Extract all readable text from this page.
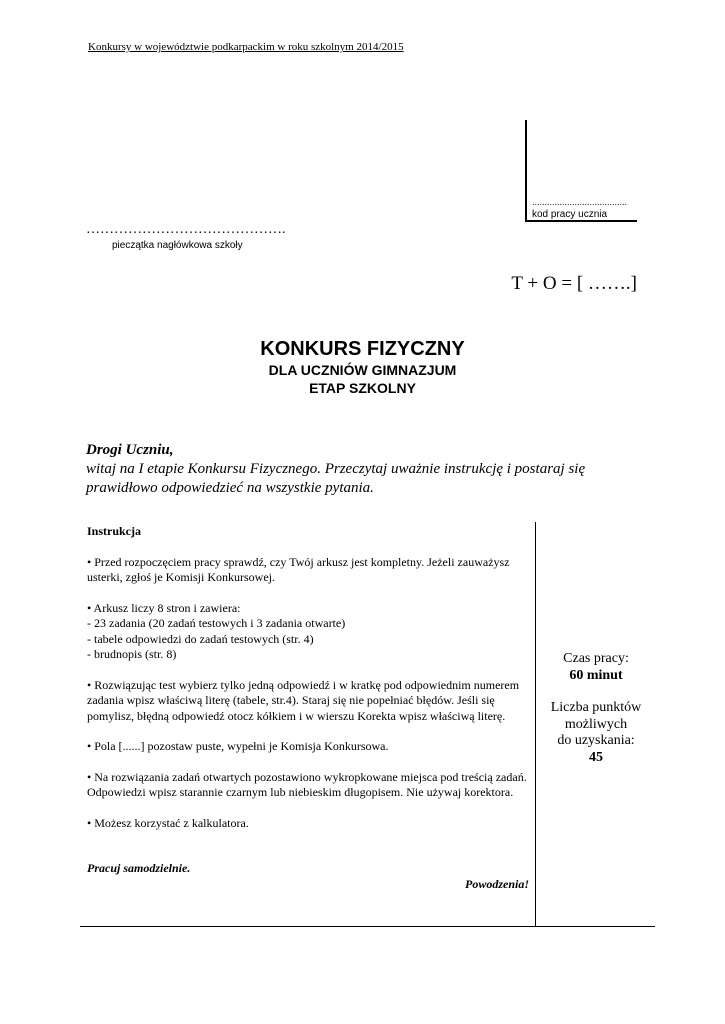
Konkursy w województwie podkarpackim w roku szkolnym 2014/2015
......................................
kod pracy ucznia
…………………………………….
pieczątka nagłówkowa szkoły
T + O = [ …….]
KONKURS FIZYCZNY
DLA UCZNIÓW GIMNAZJUM
ETAP SZKOLNY
Drogi Uczniu,
witaj na I etapie Konkursu Fizycznego. Przeczytaj uważnie instrukcję i postaraj się prawidłowo odpowiedzieć na wszystkie pytania.

Instrukcja

• Przed rozpoczęciem pracy sprawdź, czy Twój arkusz jest kompletny. Jeżeli zauważysz usterki, zgłoś je Komisji Konkursowej.

• Arkusz liczy 8 stron i zawiera:

- 23 zadania (20 zadań testowych i 3 zadania otwarte)

- tabele odpowiedzi do zadań testowych (str. 4)

- brudnopis (str. 8)

• Rozwiązując test wybierz tylko jedną odpowiedź i w kratkę pod odpowiednim numerem zadania wpisz właściwą literę (tabele, str.4). Staraj się nie popełniać błędów. Jeśli się pomylisz, błędną odpowiedź otocz kółkiem i w wierszu Korekta wpisz właściwą literę.

• Pola [......] pozostaw puste, wypełni je Komisja Konkursowa.

• Na rozwiązania zadań otwartych pozostawiono wykropkowane miejsca pod treścią zadań. Odpowiedzi wpisz starannie czarnym lub niebieskim długopisem. Nie używaj korektora.

• Możesz korzystać z kalkulatora.

Pracuj samodzielnie.

Powodzenia!

Czas pracy:
60 minut
Liczba punktów
możliwych
do uzyskania:
45
